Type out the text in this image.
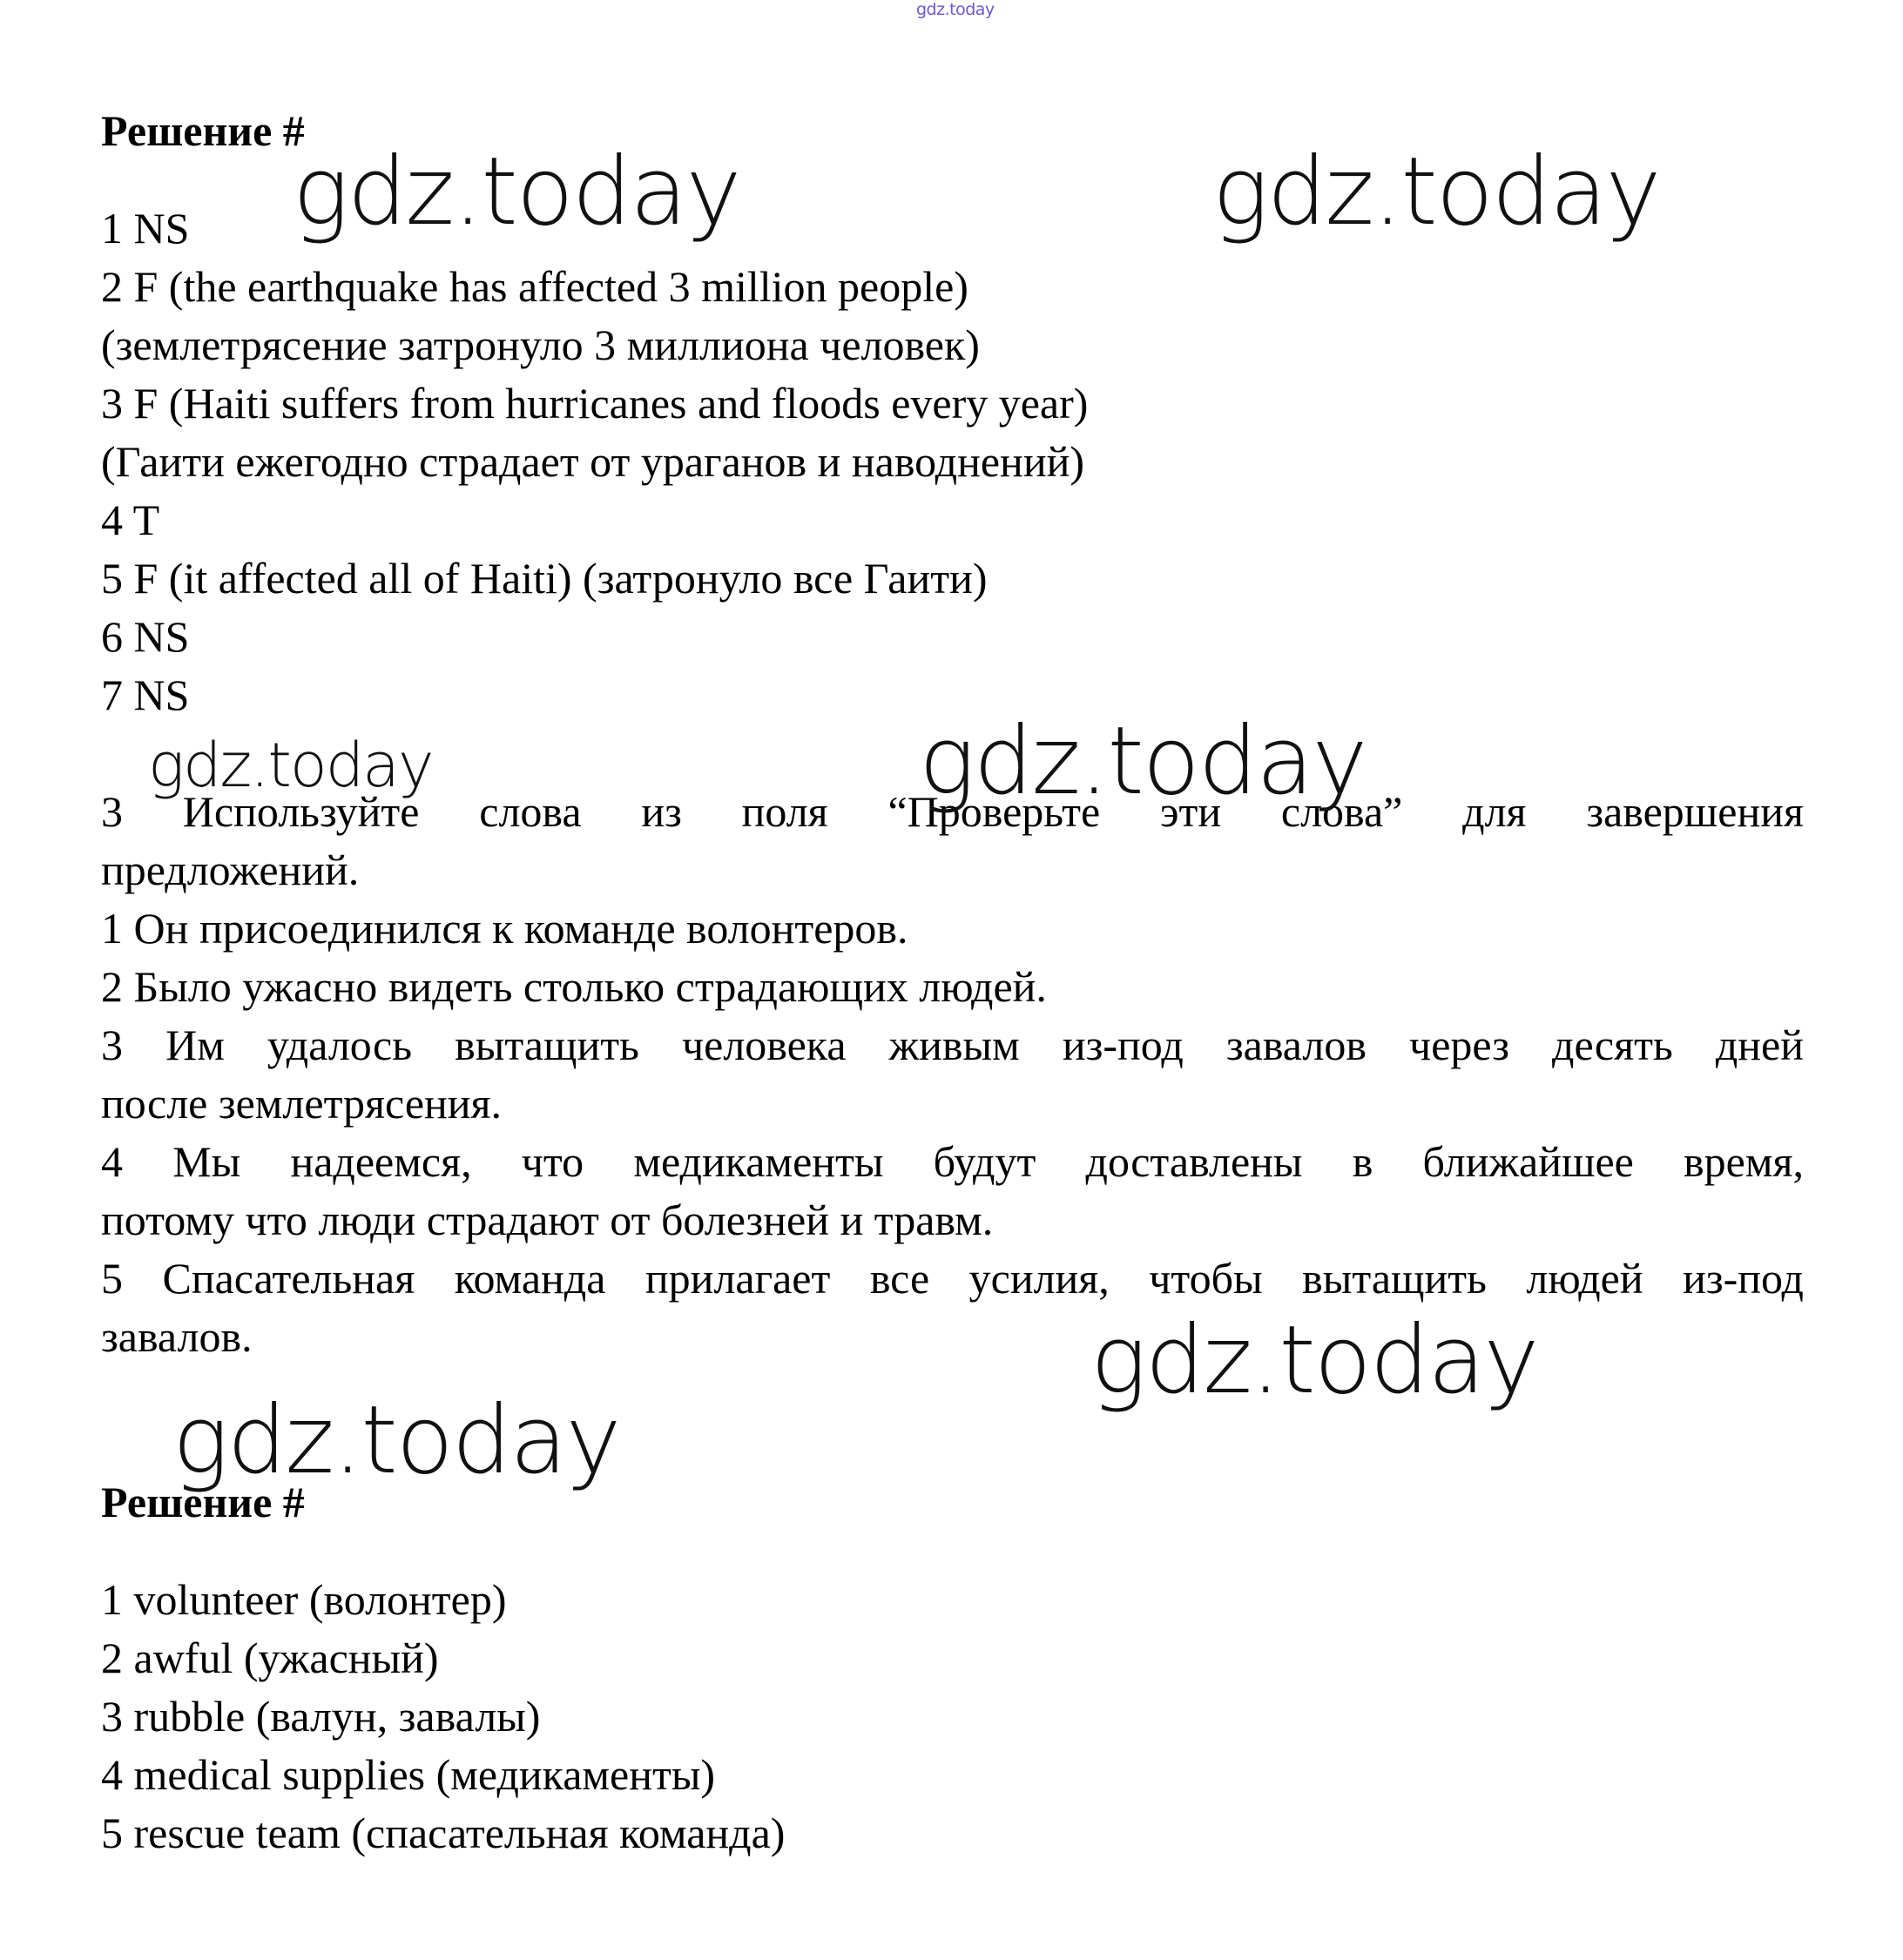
gdz.today
Решение #
1 NS
2 F (the earthquake has affected 3 million people)
(землетрясение затронуло 3 миллиона человек)
3 F (Haiti suffers from hurricanes and floods every year)
(Гаити ежегодно страдает от ураганов и наводнений)
4 T
5 F (it affected all of Haiti) (затронуло все Гаити)
6 NS
7 NS
3 Используйте слова из поля “Проверьте эти слова” для завершения
предложений.
1 Он присоединился к команде волонтеров.
2 Было ужасно видеть столько страдающих людей.
3 Им удалось вытащить человека живым из-под завалов через десять дней
после землетрясения.
4 Мы надеемся, что медикаменты будут доставлены в ближайшее время,
потому что люди страдают от болезней и травм.
5 Спасательная команда прилагает все усилия, чтобы вытащить людей из-под
завалов.
Решение #
1 volunteer (волонтер)
2 awful (ужасный)
3 rubble (валун, завалы)
4 medical supplies (медикаменты)
5 rescue team (спасательная команда)
gdz.today	gdz.today
gdz.today	gdz.today
gdz.today
gdz.today
